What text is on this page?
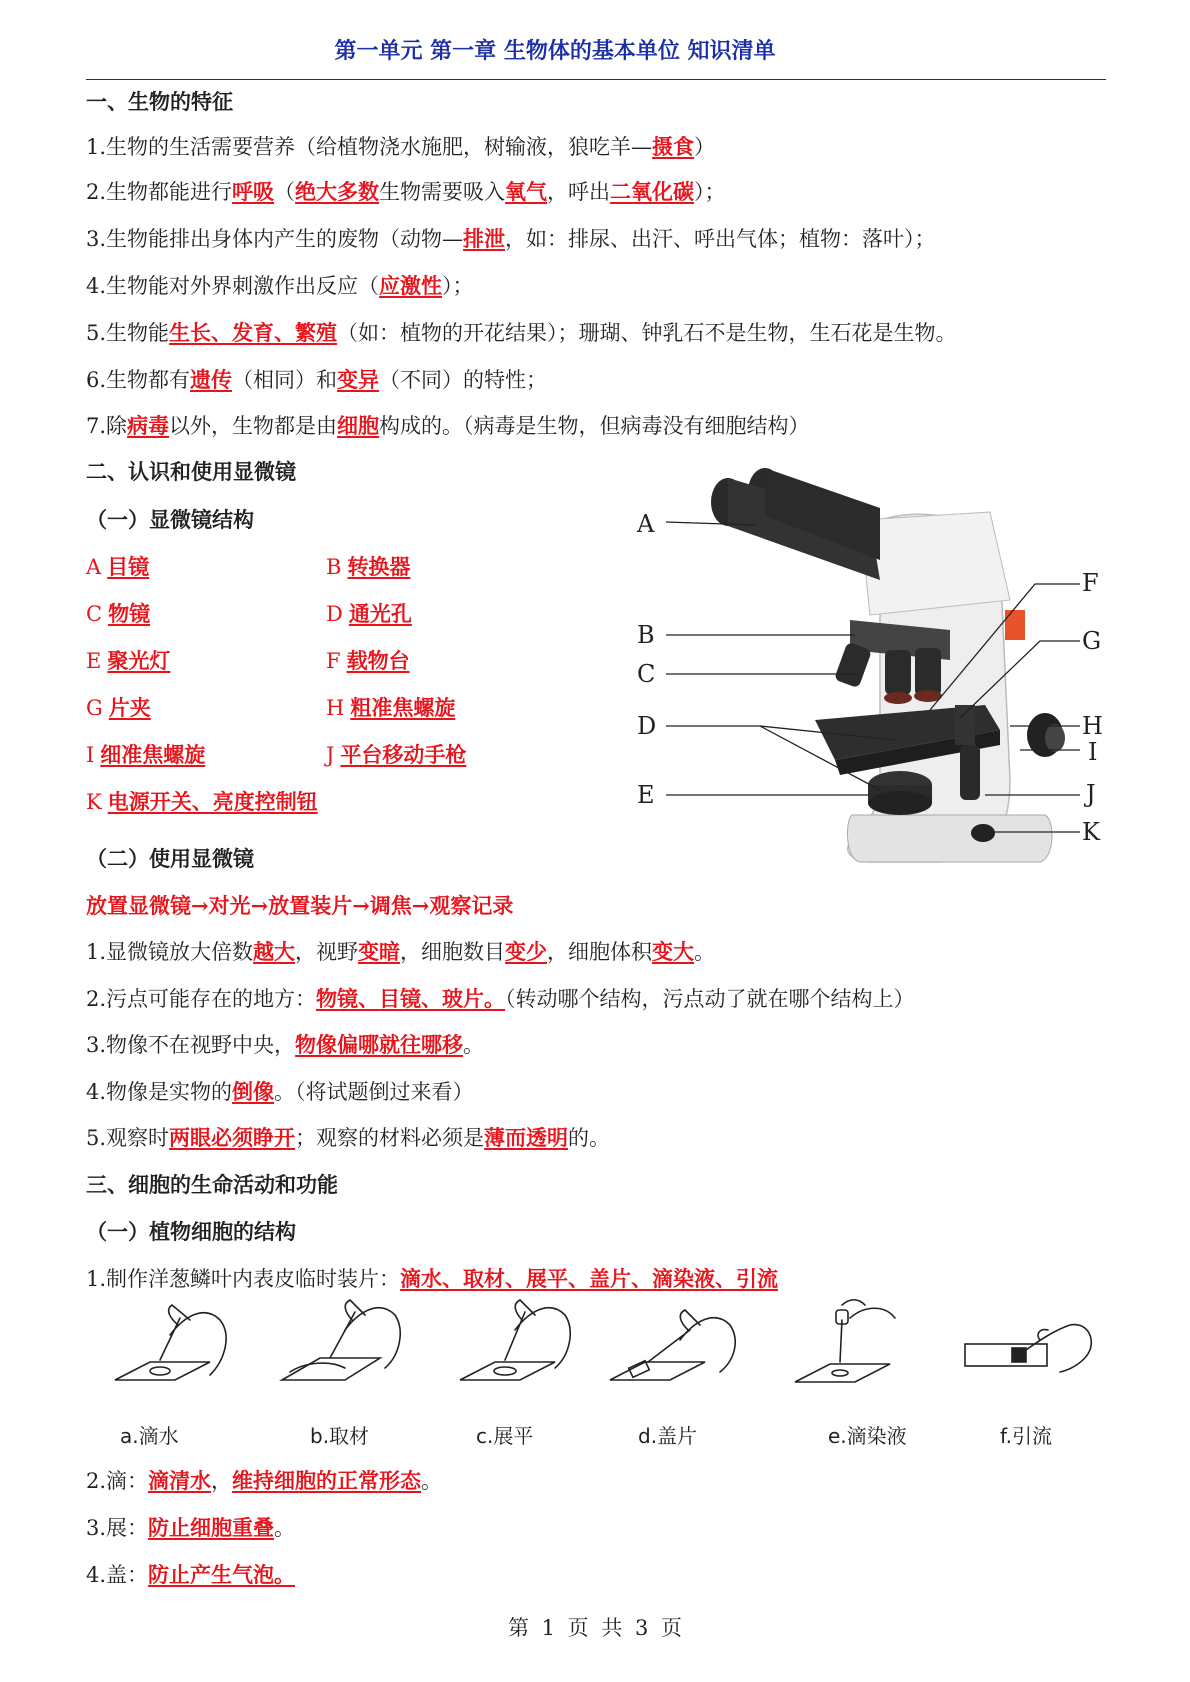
第一单元 第一章 生物体的基本单位 知识清单
一、生物的特征
1.生物的生活需要营养（给植物浇水施肥，树输液，狼吃羊—摄食）
2.生物都能进行呼吸（绝大多数生物需要吸入氧气，呼出二氧化碳）；
3.生物能排出身体内产生的废物（动物—排泄，如：排尿、出汗、呼出气体；植物：落叶）；
4.生物能对外界刺激作出反应（应激性）；
5.生物能生长、发育、繁殖（如：植物的开花结果）；珊瑚、钟乳石不是生物，生石花是生物。
6.生物都有遗传（相同）和变异（不同）的特性；
7.除病毒以外，生物都是由细胞构成的。（病毒是生物，但病毒没有细胞结构）
二、认识和使用显微镜
（一）显微镜结构
A 目镜	B 转换器
C 物镜	D 通光孔
E 聚光灯	F 载物台
G 片夹	H 粗准焦螺旋
I 细准焦螺旋	J 平台移动手枪
K 电源开关、亮度控制钮
A
B
C
D
E
F
G
H
I
J
K
（二）使用显微镜
放置显微镜→对光→放置装片→调焦→观察记录
1.显微镜放大倍数越大，视野变暗，细胞数目变少，细胞体积变大。
2.污点可能存在的地方：物镜、目镜、玻片。（转动哪个结构，污点动了就在哪个结构上）
3.物像不在视野中央，物像偏哪就往哪移。
4.物像是实物的倒像。（将试题倒过来看）
5.观察时两眼必须睁开；观察的材料必须是薄而透明的。
三、细胞的生命活动和功能
（一）植物细胞的结构
1.制作洋葱鳞叶内表皮临时装片：滴水、取材、展平、盖片、滴染液、引流
a.滴水	b.取材	c.展平	d.盖片	e.滴染液	f.引流
2.滴：滴清水，维持细胞的正常形态。
3.展：防止细胞重叠。
4.盖：防止产生气泡。
第 1 页 共 3 页
